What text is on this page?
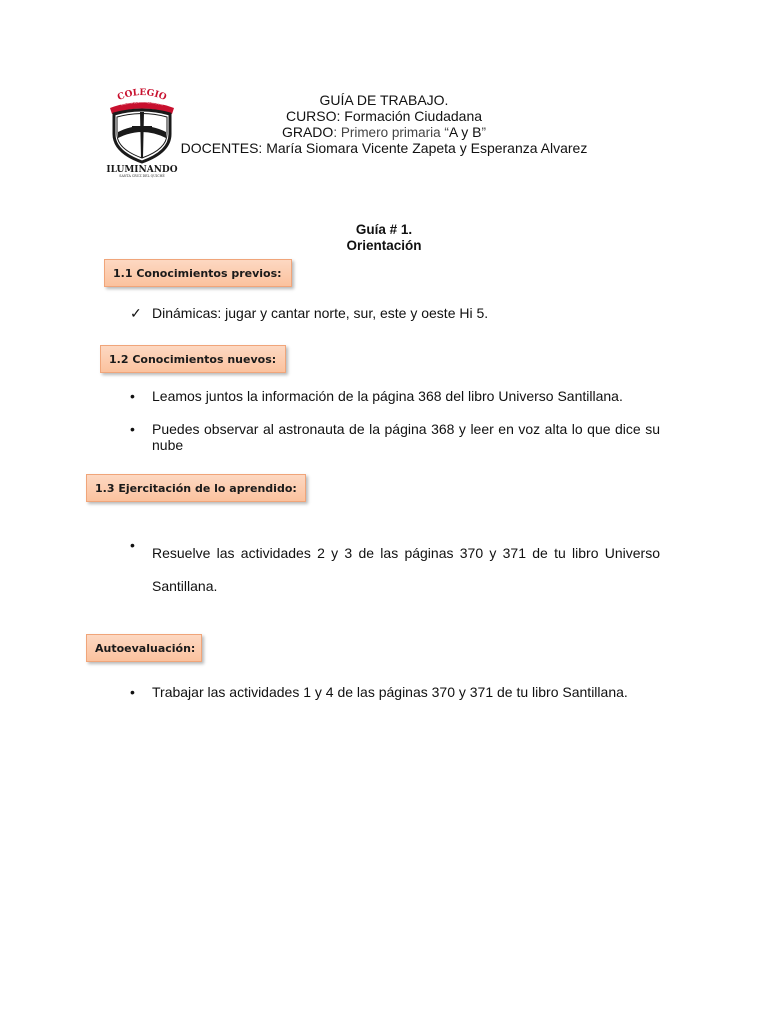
COLEGIO
NUESTRA SEÑORA DEL ROSARIO
ILUMINANDO
SANTA CRUZ DEL QUICHÉ
GUÍA DE TRABAJO.
CURSO: Formación Ciudadana
GRADO: Primero primaria “A y B”
DOCENTES: María Siomara Vicente Zapeta y Esperanza Alvarez
Guía # 1.
Orientación
1.1 Conocimientos previos:
✓ Dinámicas: jugar y cantar norte, sur, este y oeste Hi 5.
1.2 Conocimientos nuevos:
• Leamos juntos la información de la página 368 del libro Universo Santillana.
• Puedes observar al astronauta de la página 368 y leer en voz alta lo que dice su nube
1.3 Ejercitación de lo aprendido:
• Resuelve las actividades 2 y 3 de las páginas 370 y 371 de tu libro Universo
Santillana.
Autoevaluación:
• Trabajar las actividades 1 y 4 de las páginas 370 y 371 de tu libro Santillana.
